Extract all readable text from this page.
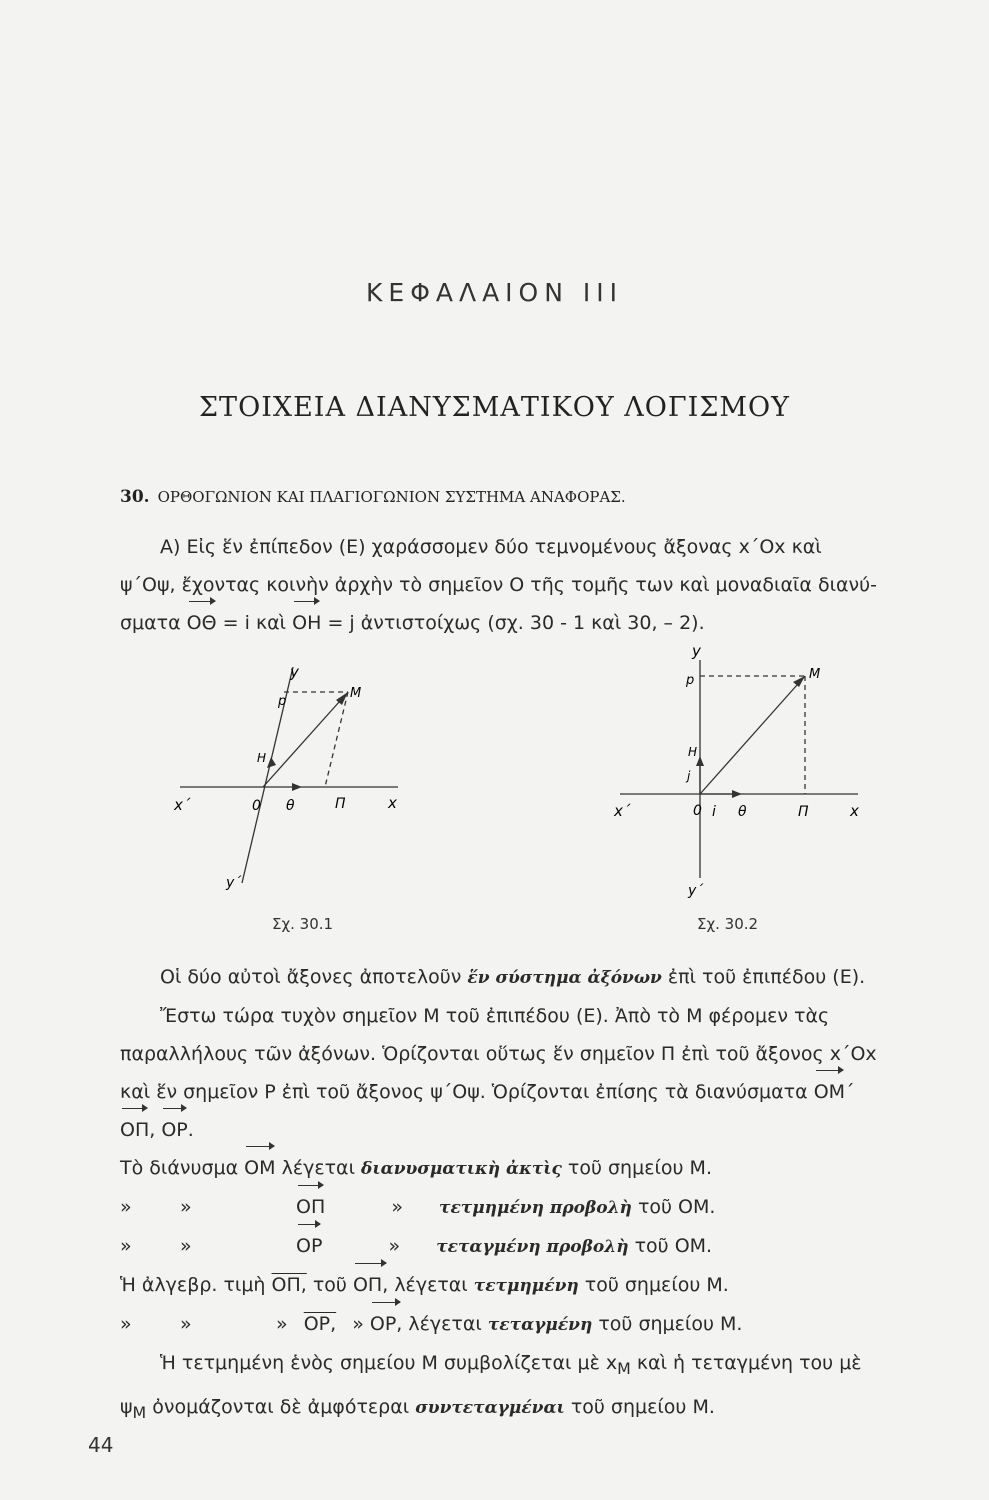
ΚΕΦΑΛΑΙΟΝ ΙΙΙ
ΣΤΟΙΧΕΙΑ ΔΙΑΝΥΣΜΑΤΙΚΟΥ ΛΟΓΙΣΜΟΥ
30. ΟΡΘΟΓΩΝΙΟΝ ΚΑΙ ΠΛΑΓΙΟΓΩΝΙΟΝ ΣΥΣΤΗΜΑ ΑΝΑΦΟΡΑΣ.
Α) Εἰς ἕν ἐπίπεδον (Ε) χαράσσομεν δύο τεμνομένους ἄξονας x΄Ox καὶ
ψ΄Oψ, ἔχοντας κοινὴν ἀρχὴν τὸ σημεῖον O τῆς τομῆς των καὶ μοναδιαῖα διανύ-
σματα OΘ = i καὶ OH = j ἀντιστοίχως (σχ. 30 - 1 καὶ 30, – 2).
y
p
M
H
x΄	0 θ	Π	x
y΄
Σχ. 30.1
y
p	M
H
j
x΄	0 i θ	Π	x
y΄
Σχ. 30.2
Οἱ δύο αὐτοὶ ἄξονες ἀποτελοῦν ἕν σύστημα ἀξόνων ἐπὶ τοῦ ἐπιπέδου (Ε).
Ἔστω τώρα τυχὸν σημεῖον Μ τοῦ ἐπιπέδου (Ε). Ἀπὸ τὸ Μ φέρομεν τὰς
παραλλήλους τῶν ἀξόνων. Ὁρίζονται οὕτως ἕν σημεῖον Π ἐπὶ τοῦ ἄξονος x΄Ox
καὶ ἕν σημεῖον Ρ ἐπὶ τοῦ ἄξονος ψ΄Oψ. Ὁρίζονται ἐπίσης τὰ διανύσματα OM΄
OΠ, OP.
Τὸ διάνυσμα OM λέγεται διανυσματικὴ ἀκτὶς τοῦ σημείου Μ.
»	»	OΠ	» τετμημένη προβολὴ τοῦ OM.
»	»	OP	» τεταγμένη προβολὴ τοῦ OM.
Ἡ ἀλγεβρ. τιμὴ OΠ, τοῦ OΠ, λέγεται τετμημένη τοῦ σημείου Μ.
»	»	» OP, » OP, λέγεται τεταγμένη τοῦ σημείου Μ.
Ἡ τετμημένη ἑνὸς σημείου Μ συμβολίζεται μὲ $x_M$ καὶ ἡ τεταγμένη του μὲ
$\psi_M$ ὀνομάζονται δὲ ἀμφότεραι συντεταγμέναι τοῦ σημείου Μ.
44
